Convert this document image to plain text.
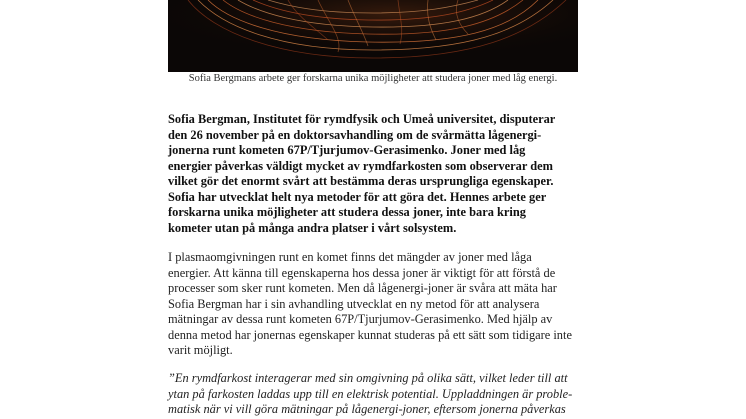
Sofia Bergmans arbete ger forskarna unika möjligheter att studera joner med låg energi.
Sofia Bergman, Institutet för rymdfysik och Umeå universitet, disputerar
den 26 november på en doktorsavhandling om de svårmätta lågenergi-
jonerna runt kometen 67P/Tjurjumov-Gerasimenko. Joner med låg
energier påverkas väldigt mycket av rymdfarkosten som observerar dem
vilket gör det enormt svårt att bestämma deras ursprungliga egenskaper.
Sofia har utvecklat helt nya metoder för att göra det. Hennes arbete ger
forskarna unika möjligheter att studera dessa joner, inte bara kring
kometer utan på många andra platser i vårt solsystem.
I plasmaomgivningen runt en komet finns det mängder av joner med låga
energier. Att känna till egenskaperna hos dessa joner är viktigt för att förstå de
processer som sker runt kometen. Men då lågenergi-joner är svåra att mäta har
Sofia Bergman har i sin avhandling utvecklat en ny metod för att analysera
mätningar av dessa runt kometen 67P/Tjurjumov-Gerasimenko. Med hjälp av
denna metod har jonernas egenskaper kunnat studeras på ett sätt som tidigare inte
varit möjligt.
”En rymdfarkost interagerar med sin omgivning på olika sätt, vilket leder till att
ytan på farkosten laddas upp till en elektrisk potential. Uppladdningen är proble-
matisk när vi vill göra mätningar på lågenergi-joner, eftersom jonerna påverkas
